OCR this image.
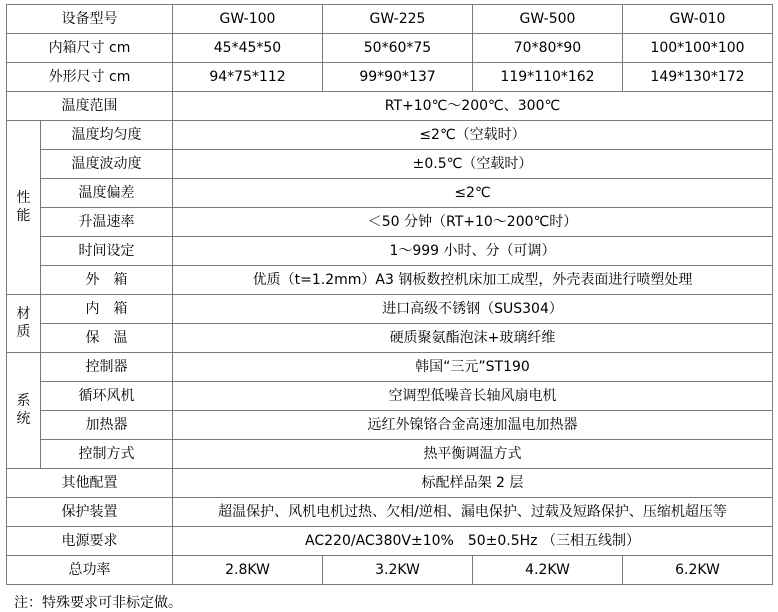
设备型号		GW-100	GW-225	GW-500	GW-010
内箱尺寸 cm		45*45*50	50*60*75	70*80*90	100*100*100
外形尺寸 cm		94*75*112	99*90*137	119*110*162	149*130*172
温度范围		RT+10℃～200℃、300℃			

性
能	温度均匀度	≤2℃（空载时）			
	温度波动度	±0.5℃（空载时）			
	温度偏差	≤2℃			
	升温速率	＜50 分钟（RT+10～200℃时）			
	时间设定	1～999 小时、分（可调）			
	外　箱	优质（t=1.2mm）A3 钢板数控机床加工成型，外壳表面进行喷塑处理			

材
质	内　箱	进口高级不锈钢（SUS304）			
	保　温	硬质聚氨酯泡沫+玻璃纤维			

系
统	控制器	韩国“三元”ST190			
	循环风机	空调型低噪音长轴风扇电机			
	加热器	远红外镍铬合金高速加温电加热器			
	控制方式	热平衡调温方式			
其他配置		标配样品架 2 层			
保护装置		超温保护、风机电机过热、欠相/逆相、漏电保护、过载及短路保护、压缩机超压等			
电源要求		AC220/AC380V±10%　50±0.5Hz （三相五线制）			
总功率		2.8KW	3.2KW	4.2KW	6.2KW
注：特殊要求可非标定做。
